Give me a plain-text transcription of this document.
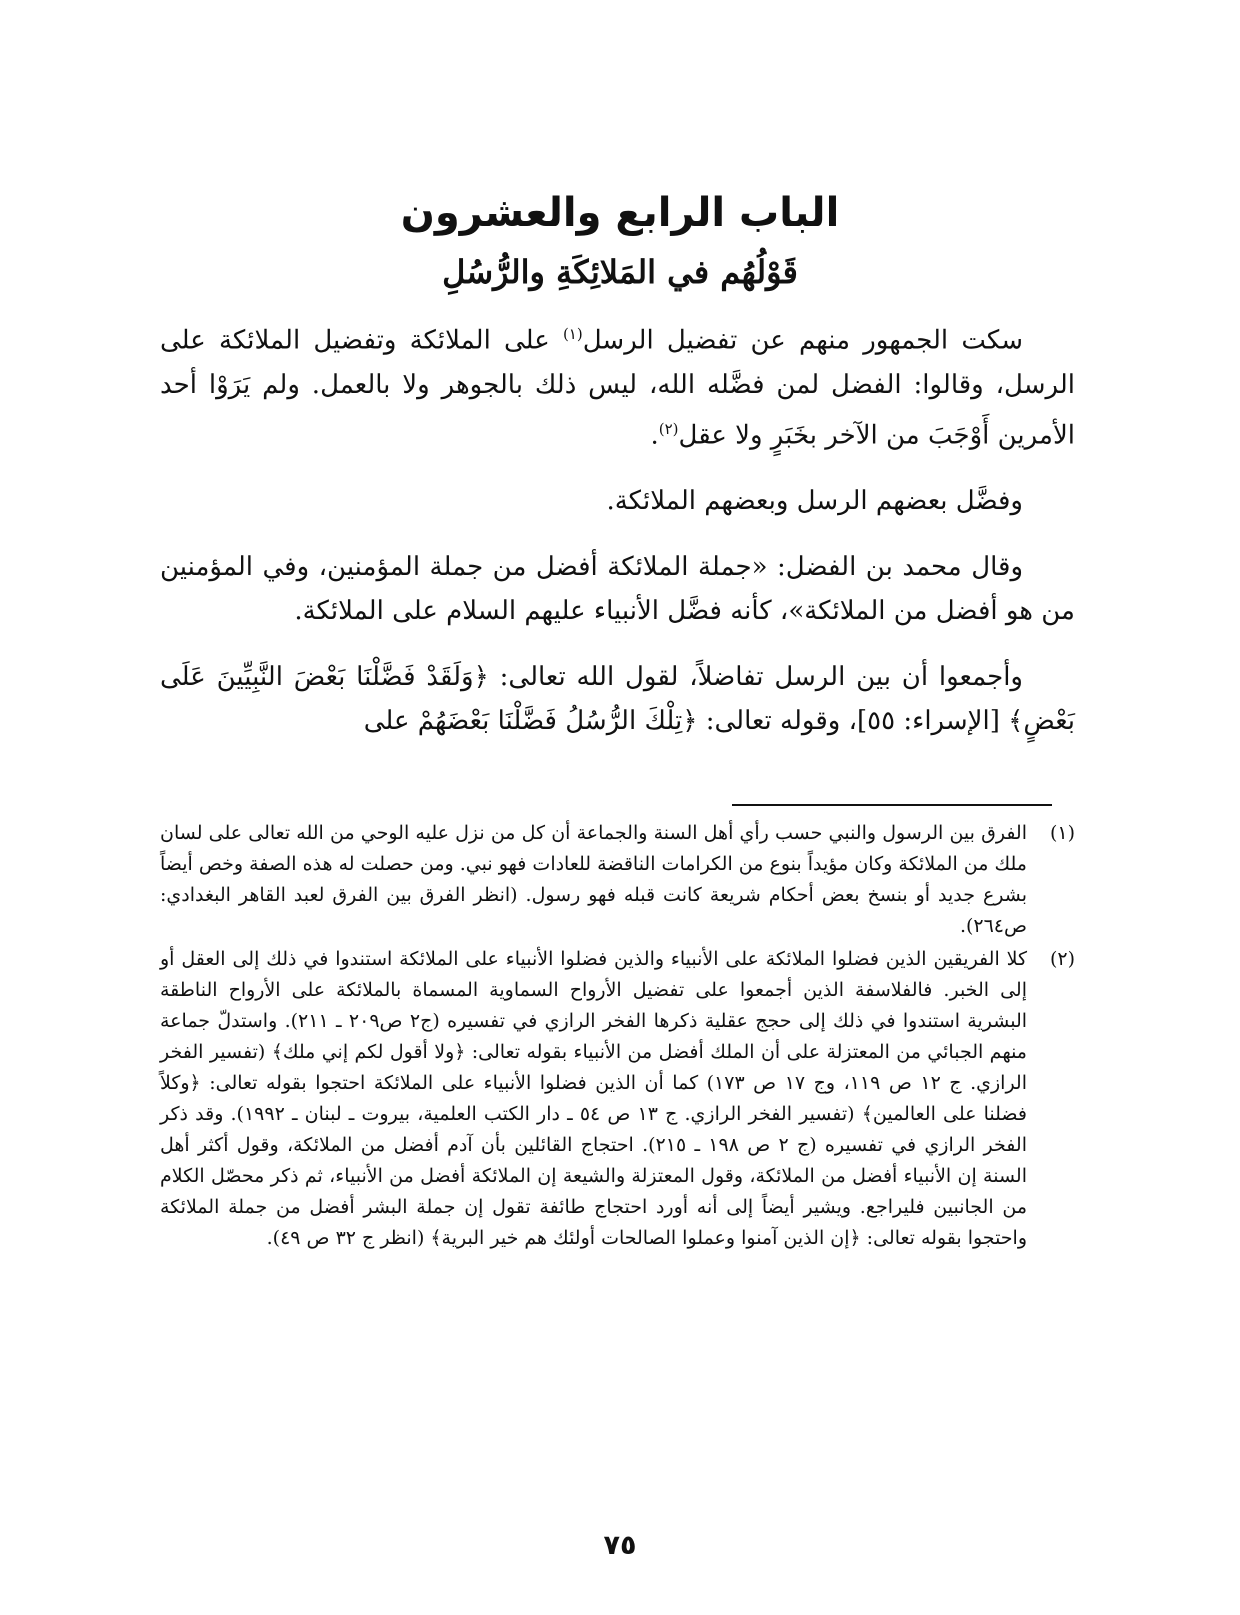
الباب الرابع والعشرون
قَوْلُهُم في المَلائِكَةِ والرُّسُلِ

سكت الجمهور منهم عن تفضيل الرسل$^{(١)}$ على الملائكة وتفضيل الملائكة على الرسل، وقالوا: الفضل لمن فضَّله الله، ليس ذلك بالجوهر ولا بالعمل. ولم يَرَوْا أحد الأمرين أَوْجَبَ من الآخر بخَبَرٍ ولا عقل$^{(٢)}$.

وفضَّل بعضهم الرسل وبعضهم الملائكة.

وقال محمد بن الفضل: «جملة الملائكة أفضل من جملة المؤمنين، وفي المؤمنين من هو أفضل من الملائكة»، كأنه فضَّل الأنبياء عليهم السلام على الملائكة.

وأجمعوا أن بين الرسل تفاضلاً، لقول الله تعالى: ﴿وَلَقَدْ فَضَّلْنَا بَعْضَ النَّبِيِّينَ عَلَى بَعْضٍ﴾ [الإسراء: ٥٥]، وقوله تعالى: ﴿تِلْكَ الرُّسُلُ فَضَّلْنَا بَعْضَهُمْ على

(١)
الفرق بين الرسول والنبي حسب رأي أهل السنة والجماعة أن كل من نزل عليه الوحي من الله تعالى على لسان ملك من الملائكة وكان مؤيداً بنوع من الكرامات الناقضة للعادات فهو نبي. ومن حصلت له هذه الصفة وخص أيضاً بشرع جديد أو بنسخ بعض أحكام شريعة كانت قبله فهو رسول. (انظر الفرق بين الفرق لعبد القاهر البغدادي: ص٢٦٤).
(٢)
كلا الفريقين الذين فضلوا الملائكة على الأنبياء والذين فضلوا الأنبياء على الملائكة استندوا في ذلك إلى العقل أو إلى الخبر. فالفلاسفة الذين أجمعوا على تفضيل الأرواح السماوية المسماة بالملائكة على الأرواح الناطقة البشرية استندوا في ذلك إلى حجج عقلية ذكرها الفخر الرازي في تفسيره (ج٢ ص٢٠٩ ـ ٢١١). واستدلّ جماعة منهم الجبائي من المعتزلة على أن الملك أفضل من الأنبياء بقوله تعالى: ﴿ولا أقول لكم إني ملك﴾ (تفسير الفخر الرازي. ج ١٢ ص ١١٩، وج ١٧ ص ١٧٣) كما أن الذين فضلوا الأنبياء على الملائكة احتجوا بقوله تعالى: ﴿وكلاً فضلنا على العالمين﴾ (تفسير الفخر الرازي. ج ١٣ ص ٥٤ ـ دار الكتب العلمية، بيروت ـ لبنان ـ ١٩٩٢). وقد ذكر الفخر الرازي في تفسيره (ج ٢ ص ١٩٨ ـ ٢١٥). احتجاج القائلين بأن آدم أفضل من الملائكة، وقول أكثر أهل السنة إن الأنبياء أفضل من الملائكة، وقول المعتزلة والشيعة إن الملائكة أفضل من الأنبياء، ثم ذكر محصّل الكلام من الجانبين فليراجع. ويشير أيضاً إلى أنه أورد احتجاج طائفة تقول إن جملة البشر أفضل من جملة الملائكة واحتجوا بقوله تعالى: ﴿إن الذين آمنوا وعملوا الصالحات أولئك هم خير البرية﴾ (انظر ج ٣٢ ص ٤٩).
٧٥
